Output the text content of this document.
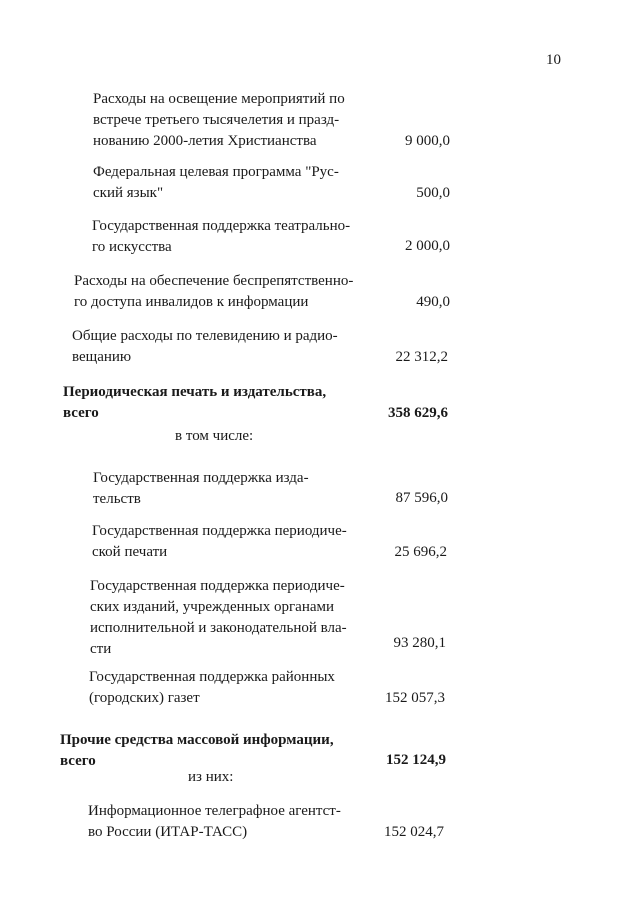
10
Расходы на освещение мероприятий по
встрече третьего тысячелетия и празд-
нованию 2000-летия Христианства	9 000,0
Федеральная целевая программа "Рус-
ский язык"	500,0
Государственная поддержка театрально-
го искусства	2 000,0
Расходы на обеспечение беспрепятственно-
го доступа инвалидов к информации	490,0
Общие расходы по телевидению и радио-
вещанию	22 312,2
Периодическая печать и издательства,
всего	358 629,6
в том числе:
Государственная поддержка изда-
тельств	87 596,0
Государственная поддержка периодиче-
ской печати	25 696,2
Государственная поддержка периодиче-
ских изданий, учрежденных органами
исполнительной и законодательной вла-
сти	93 280,1
Государственная поддержка районных
(городских) газет	152 057,3
Прочие средства массовой информации,
всего	152 124,9
из них:
Информационное телеграфное агентст-
во России (ИТАР-ТАСС)	152 024,7
